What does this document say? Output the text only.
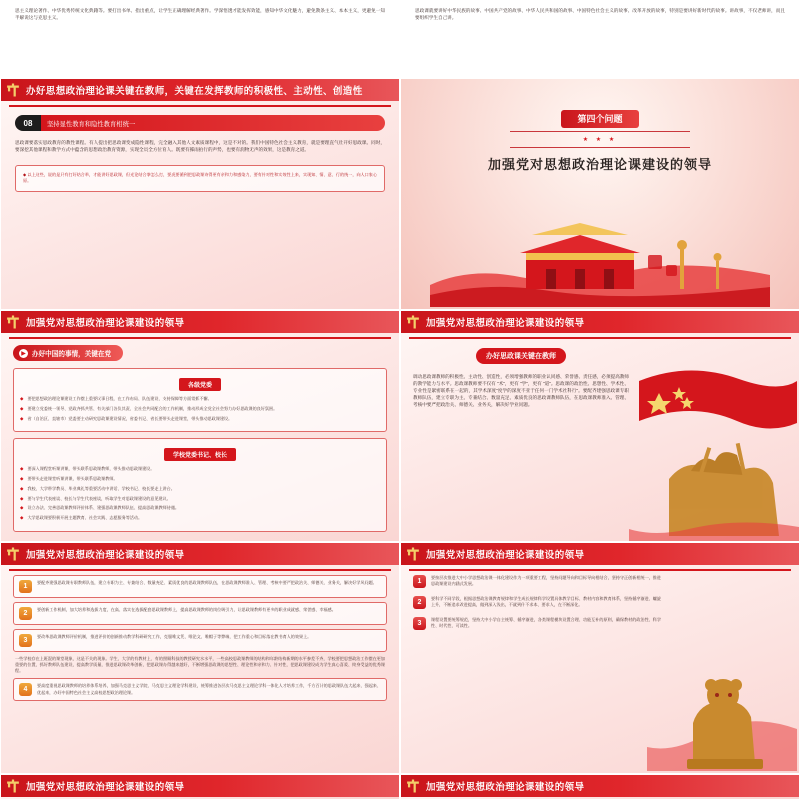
思主义理论著作、中华优秀传统文化典籍等。要打出书单、指出重点，让学生正确理解经典著作。学深悟透才能发挥效能，感知中华文化魅力，避免教条主义、本本主义，更避免一知半解说这与克思主义。

思政课就要讲好中华民族的故事、中国共产党的故事、中华人民共和国的故事、中国特色社会主义的故事、改革开放的故事，特别是要讲好新时代的故事。讲故事，不仅老师讲，而且要组织学生自己讲。

办好思想政治理论课关键在教师，关键在发挥教师的积极性、主动性、创造性
08	坚持显性教育和隐性教育相统一
思政课要落实思政教育的教性课程。有人提出把思政课变成隐性课程，完全融入其他人文素质课程中，这是不对的。我们中国特色社会主义教育，就是要理直气壮开好思政课。同时，要深挖其他课程和教学方式中蕴含的思想政治教育资源，实现全员全方位育人。既要有掷雨拍行的声势，也要有润物无声的效果，这是教育之道。
◆ 以上这些，说的是只有打好结合举，才能讲好思政课，但光论结合拳怎么打，要虎要循到把思政课诗得更有亲和力和感染力，要有针对性和实效性上来，实现知、情、意、行的统一，向人口家心原。
第四个问题
★ ★ ★
加强党对思想政治理论课建设的领导
加强党对思想政治理论课建设的领导
▶ 办好中国的事情，关键在党
各级党委
◆ 要把思想政治理论课建设工作摆上重要议事日程，在工作布局、队伍建设、支持保障等方面常抓不懈。
◆ 要建立党委统一领导、党政齐抓共管、有关部门各负其责、全社会共同配合的工作机制，推动形成全党全社会努力办好思政课的良好氛围。
◆ 省（自治区、直辖市）党委要主动研究思政课建设情况，省委书记、省长要带头走进课堂，带头推动思政课建设。
学校党委书记、校长
◆ 要深入课程堂听课讲课，带头联系思政课教师，带头推动思政课建设。
◆ 要带头走进课堂听课讲课，带头联系思政课教师。
◆ 我校、大学带学教员、毕业典礼等重要活动中讲话、学校书记、校长要走上讲台。
◆ 要与学生代表座谈、校长与学生代表座谈，听取学生对思政课建设的意见建议。
◆ 设立办法、完善思政课教师评价体系、建强思政课教师队伍、提高思政课教师待遇。
◆ 大学思政课要积极开展主题教育、社会实践、志愿服务等活动。
加强党对思想政治理论课建设的领导
办好思政课关键在教师
调动思政课教师的积极性、主动性、创造性，必须增强教师的职业认同感、荣誉感、责任感，必须提高教师的教学能力与水平。思政课教师要不仅有 "术"，更有 "学"，更有 "道"。思政课的政治性、思想性、学术性、专业性是紧密联系在一起的，其学术深度"度学的深度不亚于任何一门学术社科行"。要配齐建强思政课专职教师队伍，建立专职为主、专兼结合、数量充足、素质优良的思政课教师队伍，在思政课教师准入、管理、考核中要严把政治关、师德关、业务关，解决好学业问题。
加强党对思想政治理论课建设的领导
1
要配齐建强思政课专职教师队伍，建立专职为主、专兼结合、数量充足、素质优良的思政课教师队伍，在思政课教师准入、管理、考核中要严把政治关、师德关、业务关，解决好学风问题。
2
要创新工作机制，加大培养和选拔力度，在高、落实在选拔配套思政课教师上，提高思政课教师的岗位吸引力，让思政课教师有更多的职业成就感、荣誉感、幸福感。
3
要改革思政课教师评价机制，推进评价的创新推动教学科研研究工作，克服唯文凭、唯论文、唯帽子等弊端，把工作重心和目标落在教书育人的效果上。
一些学校存在上班混的课堂现象，这是不关的现象。学生、大学的有教材上、有的照顾科技的教授研究水水平，一些高校思政课教师的结构和年龄结构新期的水平参差不齐，学校要把思想政治工作摆在更加重要的位置，抓好教师队伍建设，提高教学质量，推进思政课改革创新，把思政课办得越来越好，不断增强思政课的思想性、理论性和亲和力、针对性，把思政课建设成为学生真心喜爱、终身受益的优秀课程。
4
要高度重视思政课教师的培养体系培养，加强马克思主义学院、马克思主义理论学科建设，统筹推进各层次马克思主义理论学科一体化人才培养工作，千方百计的思政课队伍大起来、强起来、优起来，办好中国特色社会主义高校思想政治理论课。
加强党对思想政治理论课建设的领导
1
要按层次推进大中小学思想政治课一体化建设作为一项重要工程，坚持问题导向和目标导向相结合，坚持守正创新相统一，推进思政课建设内涵式发展。
2
要科学不同学段，根据思想政治课教育规律和学生成长规律科学设置具体教学目标、教材内容和教育体系，坚持循序渐进、螺旋上升，不断追求改进提高，做到深入浅出，不就到什不求本、要求人，在不断深化。
3
课程设置要统筹规范，坚持大中小学自主统筹、循序渐进，各类课程模块设置合理、功能互补的原则，确保教材的政治性、科学性、时代性、可读性。
加强党对思想政治理论课建设的领导	加强党对思想政治理论课建设的领导
